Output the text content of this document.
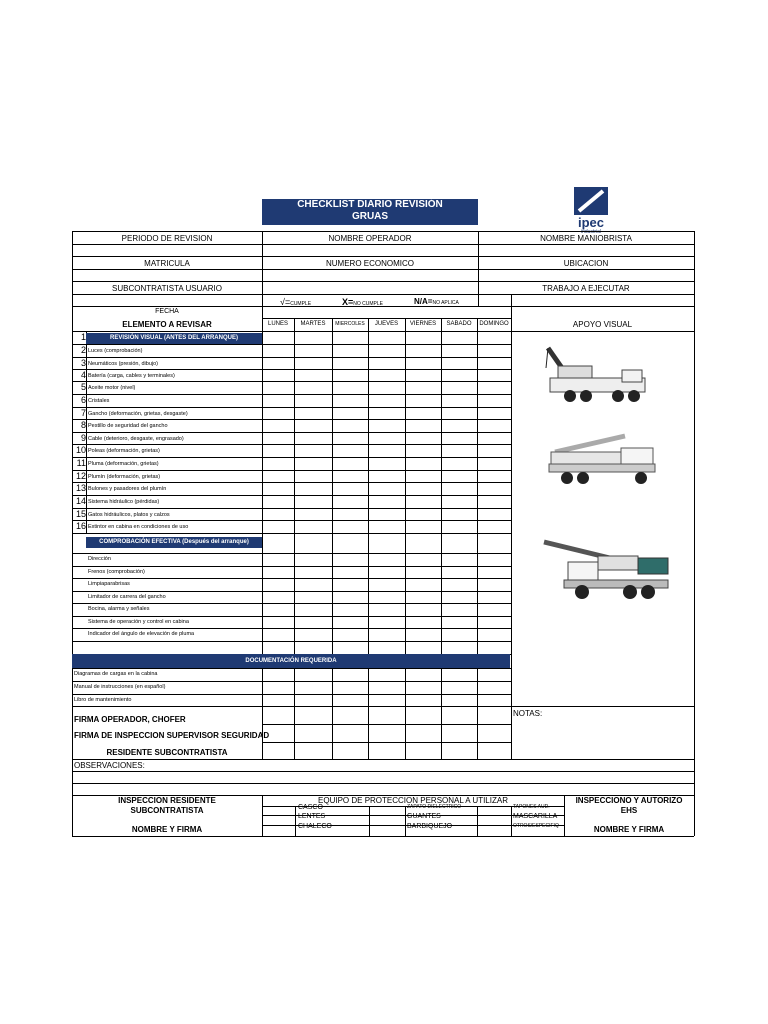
CHECKLIST DIARIO REVISIÓN
GRUAS	ipec
industrial
PERIODO DE REVISION	NOMBRE OPERADOR	NOMBRE MANIOBRISTA
MATRICULA	NUMERO ECONOMICO	UBICACION
SUBCONTRATISTA USUARIO	TRABAJO A EJECUTAR
√=CUMPLE	X=NO CUMPLE	N/A=NO APLICA
FECHA
ELEMENTO A REVISAR	APOYO VISUAL
LUNES	MARTES	MIERCOLES	JUEVES	VIERNES	SABADO	DOMINGO
REVISIÓN VISUAL (ANTES DEL ARRANQUE)
COMPROBACIÓN EFECTIVA (Después del arranque)
DOCUMENTACIÓN REQUERIDA
1
2 Luces (comprobación)
3 Neumáticos (presión, dibujo)
4 Batería (carga, cables y terminales)
5 Aceite motor (nivel)
6 Cristales
7 Gancho (deformación, grietas, desgaste)
8 Pestillo de seguridad del gancho
9 Cable (deterioro, desgaste, engrasado)
10 Poleas (deformación, grietas)
11 Pluma (deformación, grietas)
12 Plumín (deformación, grietas)
13 Bulones y pasadores del plumín
14 Sistema hidráulico (pérdidas)
15 Gatos hidráulicos, platos y calzos
16 Extintor en cabina en condiciones de uso
Dirección
Frenos (comprobación)
Limpiaparabrisas
Limitador de carrera del gancho
Bocina, alarma y señales
Sistema de operación y control en cabina
Indicador del ángulo de elevación de pluma
Diagramas de cargas en la cabina
Manual de instrucciones (en español)
Libro de mantenimiento
FIRMA OPERADOR, CHOFER
FIRMA DE INSPECCION SUPERVISOR SEGURIDAD
RESIDENTE SUBCONTRATISTA
NOTAS:
OBSERVACIONES:
INSPECCION RESIDENTE
SUBCONTRATISTA
NOMBRE Y FIRMA
EQUIPO DE PROTECCION PERSONAL A UTILIZAR	INSPECCIONO Y AUTORIZO
EHS
NOMBRE Y FIRMA
CASCO	ZAPATO DIELECTRICO	TAPONES AUD.
LENTES	GUANTES	MASCARILLA
CHALECO	BARBIQUEJO	OTROS/ESPECIFIQ
